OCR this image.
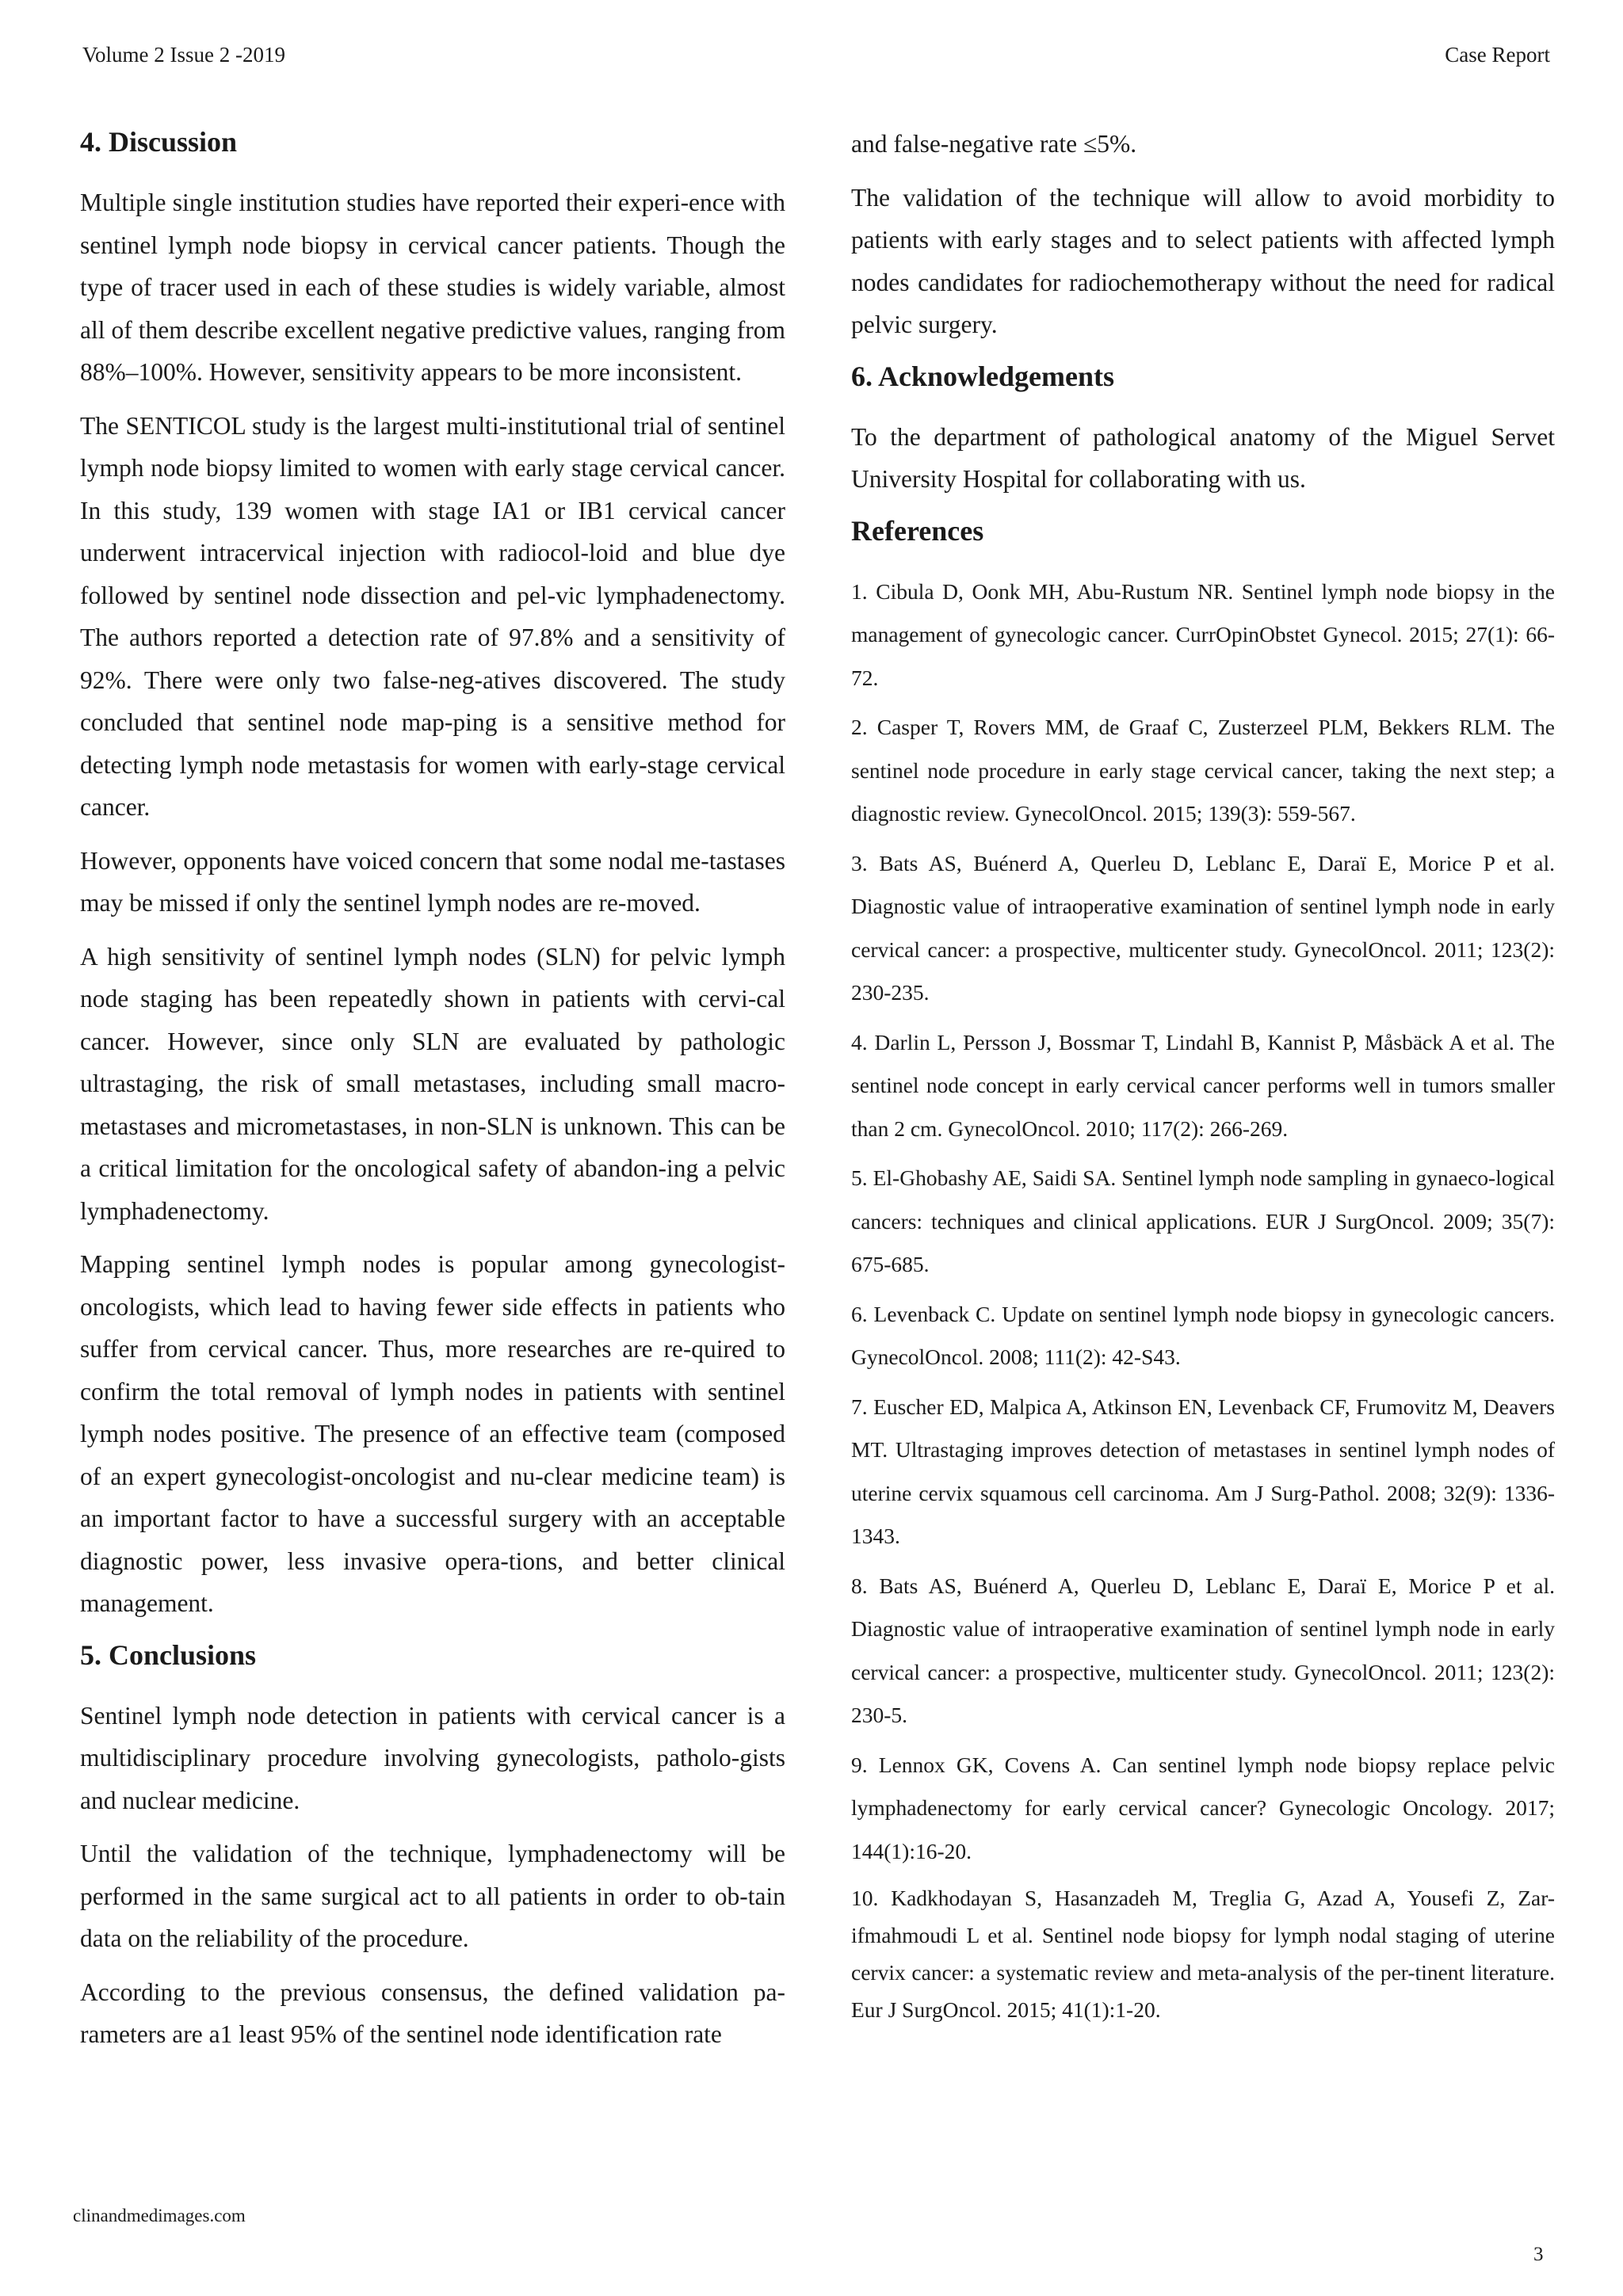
Volume 2 Issue 2 -2019	Case Report
4. Discussion

Multiple single institution studies have reported their experi-ence with sentinel lymph node biopsy in cervical cancer patients. Though the type of tracer used in each of these studies is widely variable, almost all of them describe excellent negative predictive values, ranging from 88%–100%. However, sensitivity appears to be more inconsistent.

The SENTICOL study is the largest multi-institutional trial of sentinel lymph node biopsy limited to women with early stage cervical cancer. In this study, 139 women with stage IA1 or IB1 cervical cancer underwent intracervical injection with radiocol-loid and blue dye followed by sentinel node dissection and pel-vic lymphadenectomy. The authors reported a detection rate of 97.8% and a sensitivity of 92%. There were only two false-neg-atives discovered. The study concluded that sentinel node map-ping is a sensitive method for detecting lymph node metastasis for women with early-stage cervical cancer.

However, opponents have voiced concern that some nodal me-tastases may be missed if only the sentinel lymph nodes are re-moved.

A high sensitivity of sentinel lymph nodes (SLN) for pelvic lymph node staging has been repeatedly shown in patients with cervi-cal cancer. However, since only SLN are evaluated by pathologic ultrastaging, the risk of small metastases, including small macro-metastases and micrometastases, in non-SLN is unknown. This can be a critical limitation for the oncological safety of abandon-ing a pelvic lymphadenectomy.

Mapping sentinel lymph nodes is popular among gynecologist-oncologists, which lead to having fewer side effects in patients who suffer from cervical cancer. Thus, more researches are re-quired to confirm the total removal of lymph nodes in patients with sentinel lymph nodes positive. The presence of an effective team (composed of an expert gynecologist-oncologist and nu-clear medicine team) is an important factor to have a successful surgery with an acceptable diagnostic power, less invasive opera-tions, and better clinical management.

5. Conclusions

Sentinel lymph node detection in patients with cervical cancer is a multidisciplinary procedure involving gynecologists, patholo-gists and nuclear medicine.

Until the validation of the technique, lymphadenectomy will be performed in the same surgical act to all patients in order to ob-tain data on the reliability of the procedure.

According to the previous consensus, the defined validation pa-rameters are a1 least 95% of the sentinel node identification rate

and false-negative rate ≤5%.

The validation of the technique will allow to avoid morbidity to patients with early stages and to select patients with affected lymph nodes candidates for radiochemotherapy without the need for radical pelvic surgery.

6. Acknowledgements

To the department of pathological anatomy of the Miguel Servet University Hospital for collaborating with us.

References
1. Cibula D, Oonk MH, Abu-Rustum NR. Sentinel lymph node biopsy in the management of gynecologic cancer. CurrOpinObstet Gynecol. 2015; 27(1): 66-72.
2. Casper T, Rovers MM, de Graaf C, Zusterzeel PLM, Bekkers RLM. The sentinel node procedure in early stage cervical cancer, taking the next step; a diagnostic review. GynecolOncol. 2015; 139(3): 559-567.
3. Bats AS, Buénerd A, Querleu D, Leblanc E, Daraï E, Morice P et al. Diagnostic value of intraoperative examination of sentinel lymph node in early cervical cancer: a prospective, multicenter study. GynecolOncol. 2011; 123(2): 230-235.
4. Darlin L, Persson J, Bossmar T, Lindahl B, Kannist P, Måsbäck A et al. The sentinel node concept in early cervical cancer performs well in tumors smaller than 2 cm. GynecolOncol. 2010; 117(2): 266-269.
5. El-Ghobashy AE, Saidi SA. Sentinel lymph node sampling in gynaeco-logical cancers: techniques and clinical applications. EUR J SurgOncol. 2009; 35(7): 675-685.
6. Levenback C. Update on sentinel lymph node biopsy in gynecologic cancers. GynecolOncol. 2008; 111(2): 42-S43.
7. Euscher ED, Malpica A, Atkinson EN, Levenback CF, Frumovitz M, Deavers MT. Ultrastaging improves detection of metastases in sentinel lymph nodes of uterine cervix squamous cell carcinoma. Am J Surg-Pathol. 2008; 32(9): 1336-1343.
8. Bats AS, Buénerd A, Querleu D, Leblanc E, Daraï E, Morice P et al. Diagnostic value of intraoperative examination of sentinel lymph node in early cervical cancer: a prospective, multicenter study. GynecolOncol. 2011; 123(2): 230-5.
9. Lennox GK, Covens A. Can sentinel lymph node biopsy replace pelvic lymphadenectomy for early cervical cancer? Gynecologic Oncology. 2017; 144(1):16-20.
10. Kadkhodayan S, Hasanzadeh M, Treglia G, Azad A, Yousefi Z, Zar-ifmahmoudi L et al. Sentinel node biopsy for lymph nodal staging of uterine cervix cancer: a systematic review and meta-analysis of the per-tinent literature. Eur J SurgOncol. 2015; 41(1):1-20.
clinandmedimages.com
3
